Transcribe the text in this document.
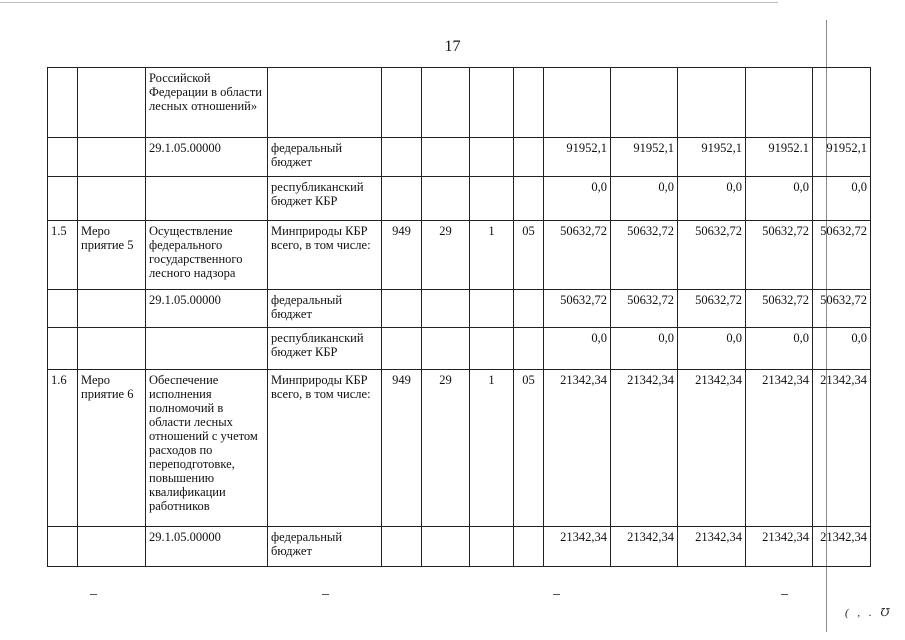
17
		Российской Федерации в области лесных отношений»										
		29.1.05.00000	федеральный бюджет					91952,1	91952,1	91952,1	91952.1	91952,1
			республиканский бюджет КБР					0,0	0,0	0,0	0,0	0,0
1.5	Меро приятие 5	Осуществление федерального государственного лесного надзора	Минприроды КБР всего, в том числе:	949	29	1	05	50632,72	50632,72	50632,72	50632,72	50632,72
		29.1.05.00000	федеральный бюджет					50632,72	50632,72	50632,72	50632,72	50632,72
			республиканский бюджет КБР					0,0	0,0	0,0	0,0	0,0
1.6	Меро приятие 6	Обеспечение исполнения полномочий в области лесных отношений с учетом расходов по переподготовке, повышению квалификации работников	Минприроды КБР всего, в том числе:	949	29	1	05	21342,34	21342,34	21342,34	21342,34	21342,34
		29.1.05.00000	федеральный бюджет					21342,34	21342,34	21342,34	21342,34	21342,34
( , . ℧
